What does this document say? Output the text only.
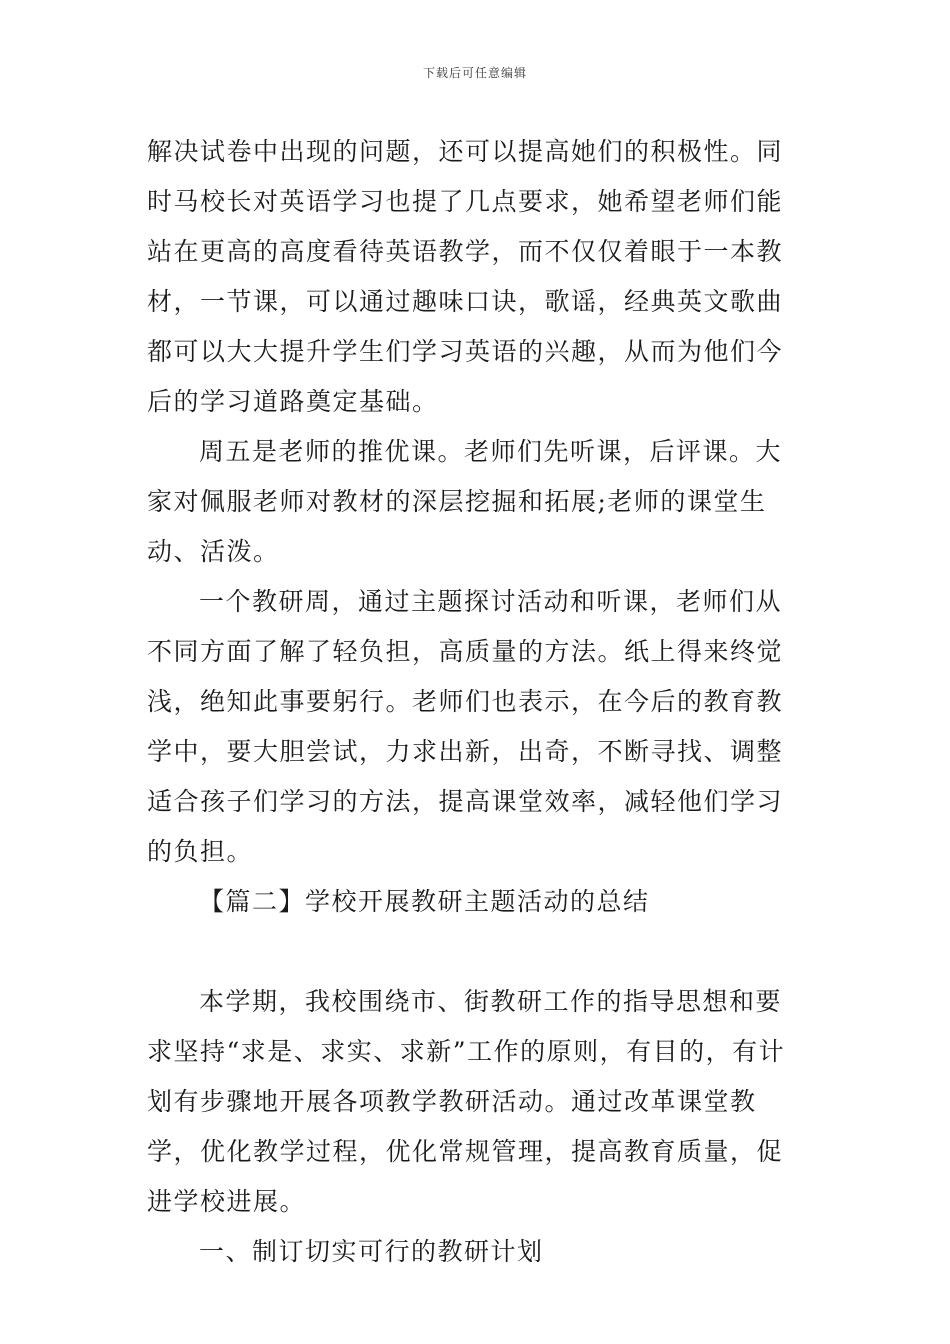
下载后可任意编辑

解决试卷中出现的问题，还可以提高她们的积极性。同时马校长对英语学习也提了几点要求，她希望老师们能站在更高的高度看待英语教学，而不仅仅着眼于一本教材，一节课，可以通过趣味口诀，歌谣，经典英文歌曲都可以大大提升学生们学习英语的兴趣，从而为他们今后的学习道路奠定基础。

周五是老师的推优课。老师们先听课，后评课。大家对佩服老师对教材的深层挖掘和拓展;老师的课堂生动、活泼。

一个教研周，通过主题探讨活动和听课，老师们从不同方面了解了轻负担，高质量的方法。纸上得来终觉浅，绝知此事要躬行。老师们也表示，在今后的教育教学中，要大胆尝试，力求出新，出奇，不断寻找、调整适合孩子们学习的方法，提高课堂效率，减轻他们学习的负担。

【篇二】学校开展教研主题活动的总结

本学期，我校围绕市、街教研工作的指导思想和要求坚持“求是、求实、求新”工作的原则，有目的，有计划有步骤地开展各项教学教研活动。通过改革课堂教学，优化教学过程，优化常规管理，提高教育质量，促进学校进展。

一、制订切实可行的教研计划
